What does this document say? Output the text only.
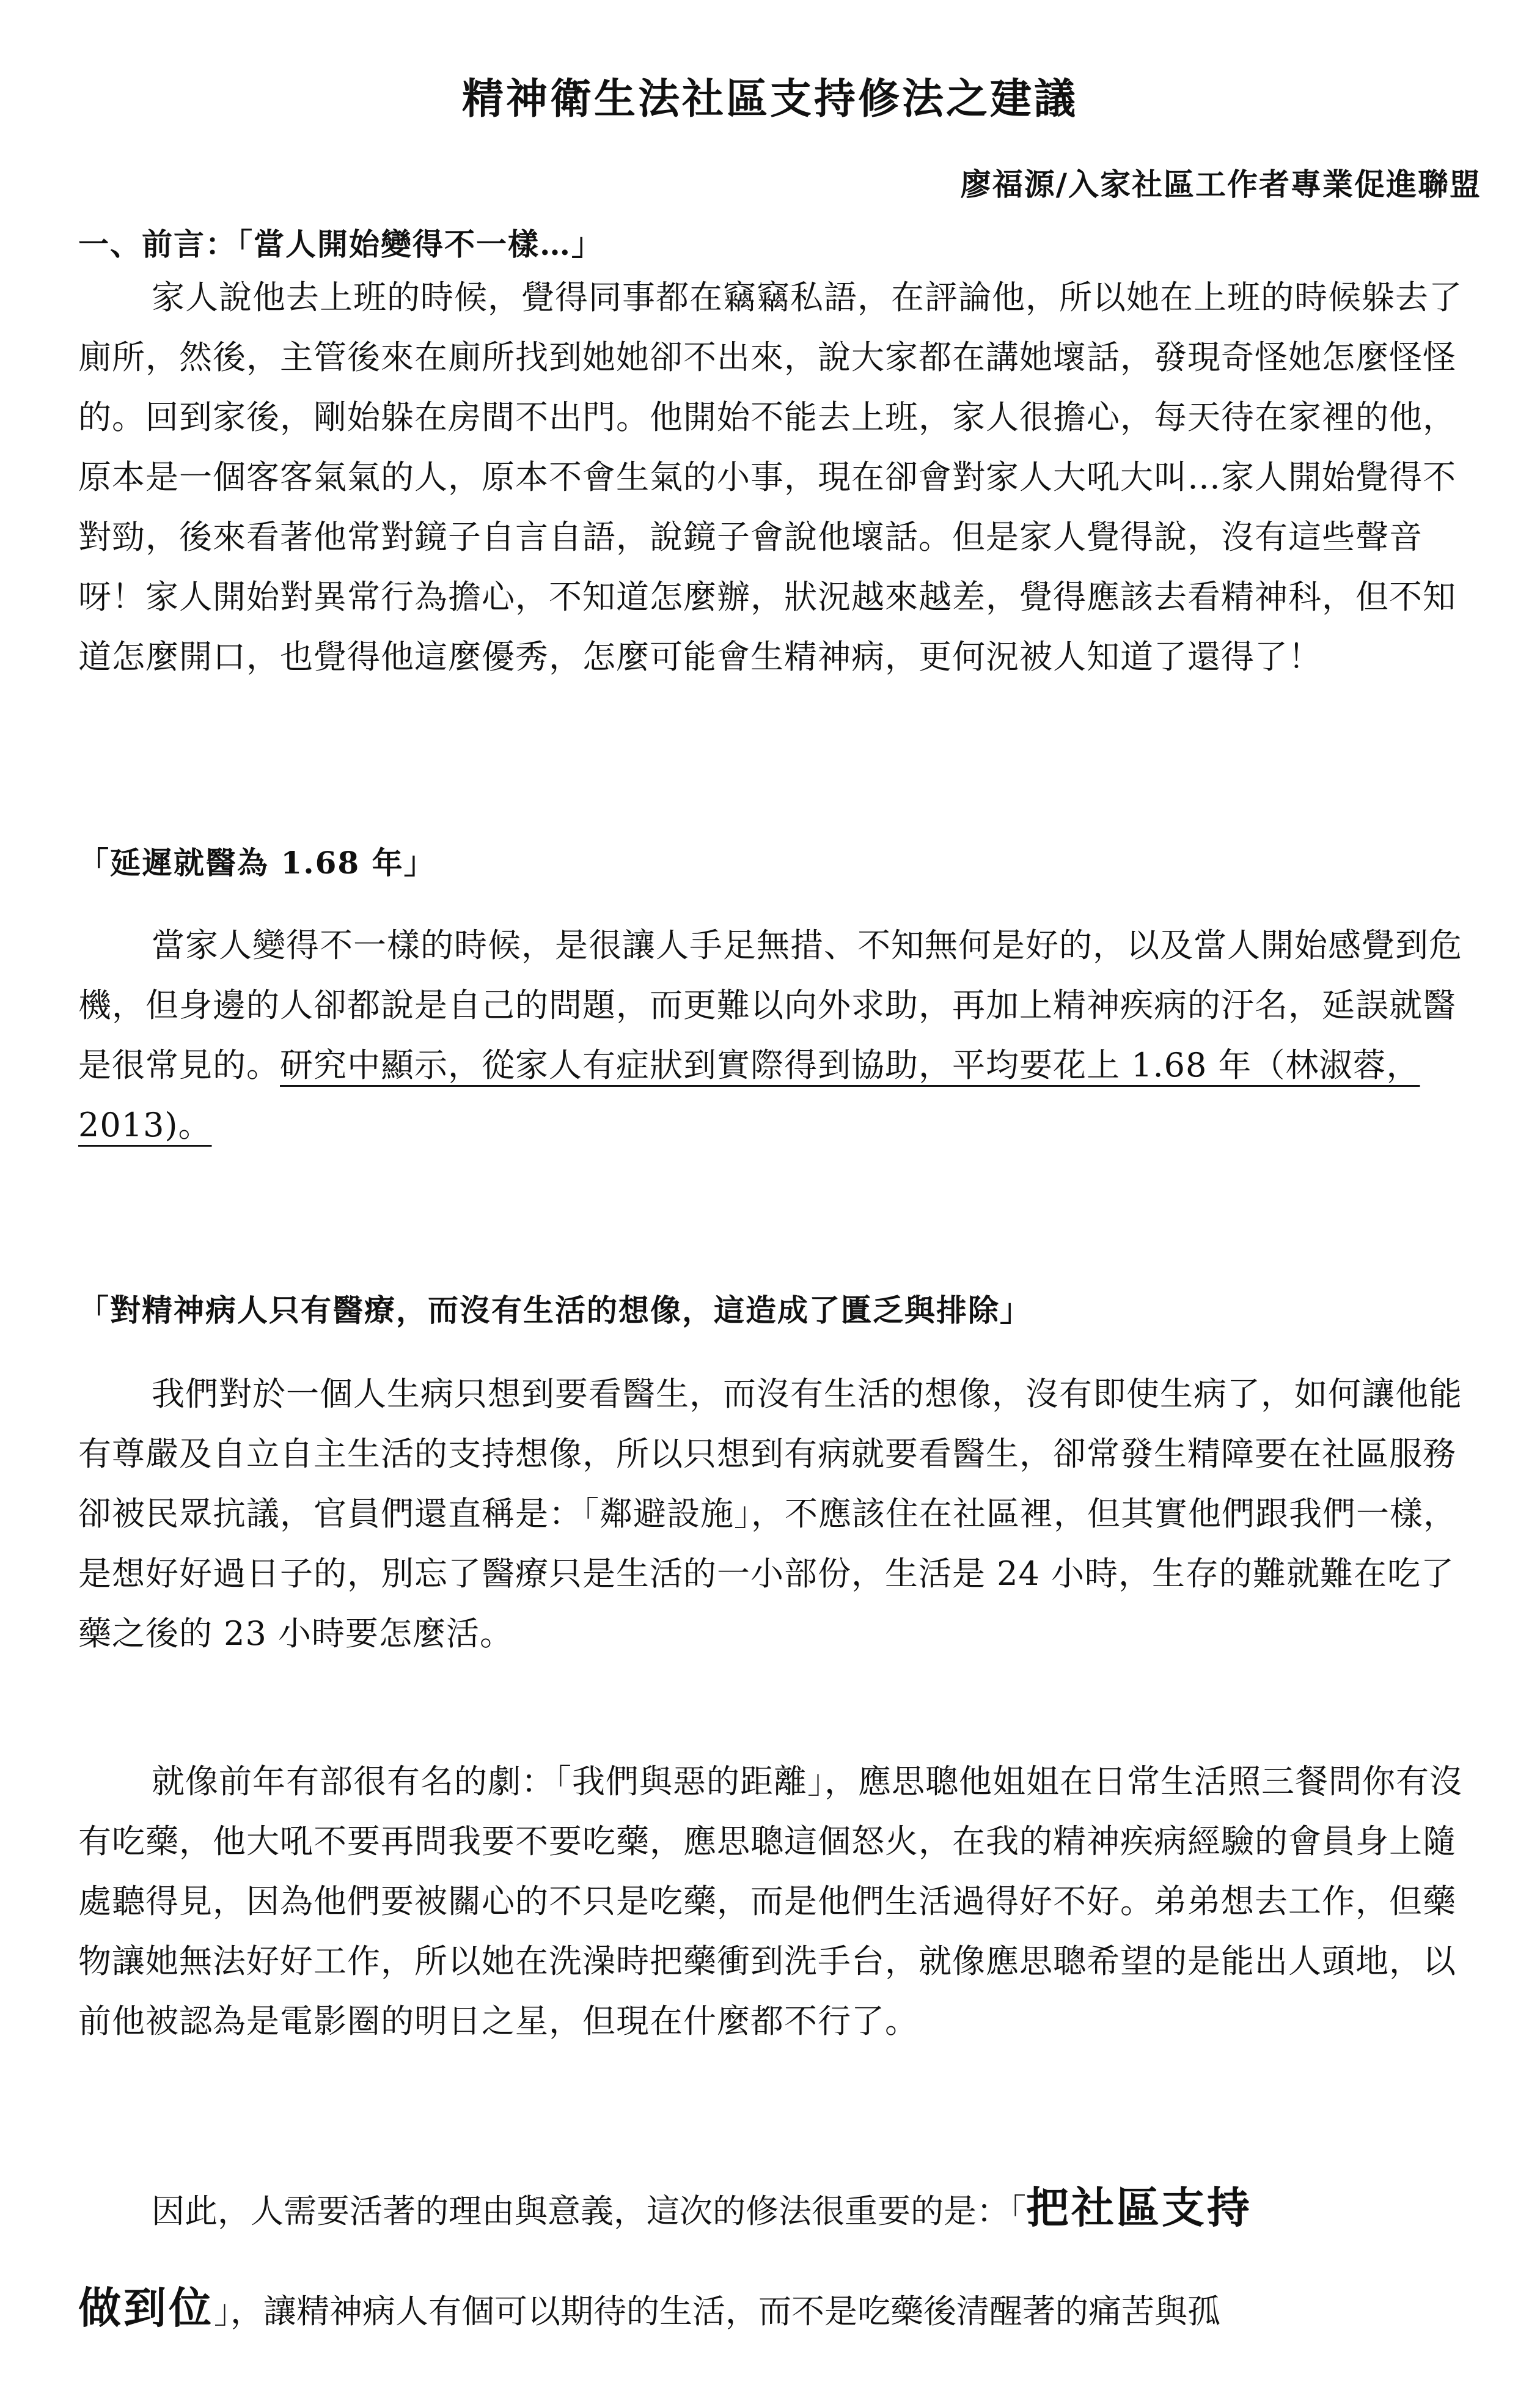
精神衛生法社區支持修法之建議
廖福源/入家社區工作者專業促進聯盟
一、前言：「當人開始變得不一樣…」

家人說他去上班的時候，覺得同事都在竊竊私語，在評論他，所以她在上班的時候躲去了廁所，然後，主管後來在廁所找到她她卻不出來，說大家都在講她壞話，發現奇怪她怎麼怪怪的。回到家後，剛始躲在房間不出門。他開始不能去上班，家人很擔心，每天待在家裡的他，原本是一個客客氣氣的人，原本不會生氣的小事，現在卻會對家人大吼大叫…家人開始覺得不對勁，後來看著他常對鏡子自言自語，說鏡子會說他壞話。但是家人覺得說，沒有這些聲音呀！家人開始對異常行為擔心，不知道怎麼辦，狀況越來越差，覺得應該去看精神科，但不知道怎麼開口，也覺得他這麼優秀，怎麼可能會生精神病，更何況被人知道了還得了！

「延遲就醫為 1.68 年」

當家人變得不一樣的時候，是很讓人手足無措、不知無何是好的，以及當人開始感覺到危機，但身邊的人卻都說是自己的問題，而更難以向外求助，再加上精神疾病的汙名，延誤就醫是很常見的。研究中顯示，從家人有症狀到實際得到協助，平均要花上 1.68 年（林淑蓉，2013)。

「對精神病人只有醫療，而沒有生活的想像，這造成了匱乏與排除」

我們對於一個人生病只想到要看醫生，而沒有生活的想像，沒有即使生病了，如何讓他能有尊嚴及自立自主生活的支持想像，所以只想到有病就要看醫生，卻常發生精障要在社區服務卻被民眾抗議，官員們還直稱是：「鄰避設施」，不應該住在社區裡，但其實他們跟我們一樣，是想好好過日子的，別忘了醫療只是生活的一小部份，生活是 24 小時，生存的難就難在吃了藥之後的 23 小時要怎麼活。

就像前年有部很有名的劇：「我們與惡的距離」，應思聰他姐姐在日常生活照三餐問你有沒有吃藥，他大吼不要再問我要不要吃藥，應思聰這個怒火，在我的精神疾病經驗的會員身上隨處聽得見，因為他們要被關心的不只是吃藥，而是他們生活過得好不好。弟弟想去工作，但藥物讓她無法好好工作，所以她在洗澡時把藥衝到洗手台，就像應思聰希望的是能出人頭地，以前他被認為是電影圈的明日之星，但現在什麼都不行了。

因此，人需要活著的理由與意義，這次的修法很重要的是：「把社區支持
做到位」，讓精神病人有個可以期待的生活，而不是吃藥後清醒著的痛苦與孤
